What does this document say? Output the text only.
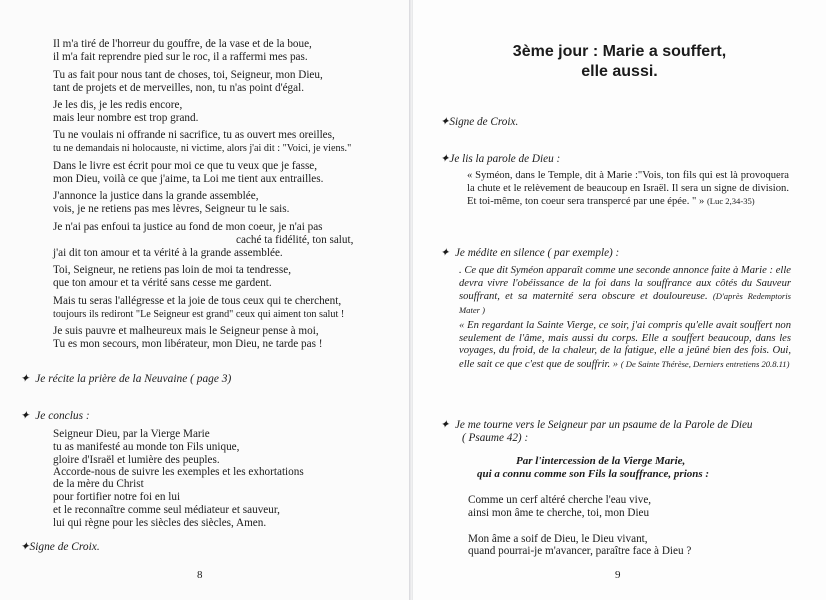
Il m'a tiré de l'horreur du gouffre, de la vase et de la boue,
il m'a fait reprendre pied sur le roc, il a raffermi mes pas.
Tu as fait pour nous tant de choses, toi, Seigneur, mon Dieu,
tant de projets et de merveilles, non, tu n'as point d'égal.
Je les dis, je les redis encore,
mais leur nombre est trop grand.
Tu ne voulais ni offrande ni sacrifice, tu as ouvert mes oreilles,
tu ne demandais ni holocauste, ni victime, alors j'ai dit : "Voici, je viens."
Dans le livre est écrit pour moi ce que tu veux que je fasse,
mon Dieu, voilà ce que j'aime, ta Loi me tient aux entrailles.
J'annonce la justice dans la grande assemblée,
vois, je ne retiens pas mes lèvres, Seigneur tu le sais.
Je n'ai pas enfoui ta justice au fond de mon coeur, je n'ai pas
caché ta fidélité, ton salut,
j'ai dit ton amour et ta vérité à la grande assemblée.
Toi, Seigneur, ne retiens pas loin de moi ta tendresse,
que ton amour et ta vérité sans cesse me gardent.
Mais tu seras l'allégresse et la joie de tous ceux qui te cherchent,
toujours ils rediront "Le Seigneur est grand" ceux qui aiment ton salut !
Je suis pauvre et malheureux mais le Seigneur pense à moi,
Tu es mon secours, mon libérateur, mon Dieu, ne tarde pas !
✦ Je récite la prière de la Neuvaine ( page 3)
✦ Je conclus :
Seigneur Dieu, par la Vierge Marie
tu as manifesté au monde ton Fils unique,
gloire d'Israël et lumière des peuples.
Accorde-nous de suivre les exemples et les exhortations
de la mère du Christ
pour fortifier notre foi en lui
et le reconnaître comme seul médiateur et sauveur,
lui qui règne pour les siècles des siècles, Amen.
✦Signe de Croix.
8
3ème jour : Marie a souffert,
elle aussi.
✦Signe de Croix.
✦Je lis la parole de Dieu :
« Syméon, dans le Temple, dit à Marie :"Vois, ton fils qui est là provoquera la chute et le relèvement de beaucoup en Israël. Il sera un signe de division. Et toi-même, ton coeur sera transpercé par une épée. " » (Luc 2,34-35)
✦ Je médite en silence ( par exemple) :
. Ce que dit Syméon apparaît comme une seconde annonce faite à Marie : elle devra vivre l'obéissance de la foi dans la souffrance aux côtés du Sauveur souffrant, et sa maternité sera obscure et douloureuse. (D'après Redemptoris Mater )
« En regardant la Sainte Vierge, ce soir, j'ai compris qu'elle avait souffert non seulement de l'âme, mais aussi du corps. Elle a souffert beaucoup, dans les voyages, du froid, de la chaleur, de la fatigue, elle a jeûné bien des fois. Oui, elle sait ce que c'est que de souffrir. » ( De Sainte Thérèse, Derniers entretiens 20.8.11)
✦ Je me tourne vers le Seigneur par un psaume de la Parole de Dieu
( Psaume 42) :
Par l'intercession de la Vierge Marie,
qui a connu comme son Fils la souffrance, prions :
Comme un cerf altéré cherche l'eau vive,
ainsi mon âme te cherche, toi, mon Dieu
Mon âme a soif de Dieu, le Dieu vivant,
quand pourrai-je m'avancer, paraître face à Dieu ?
9
